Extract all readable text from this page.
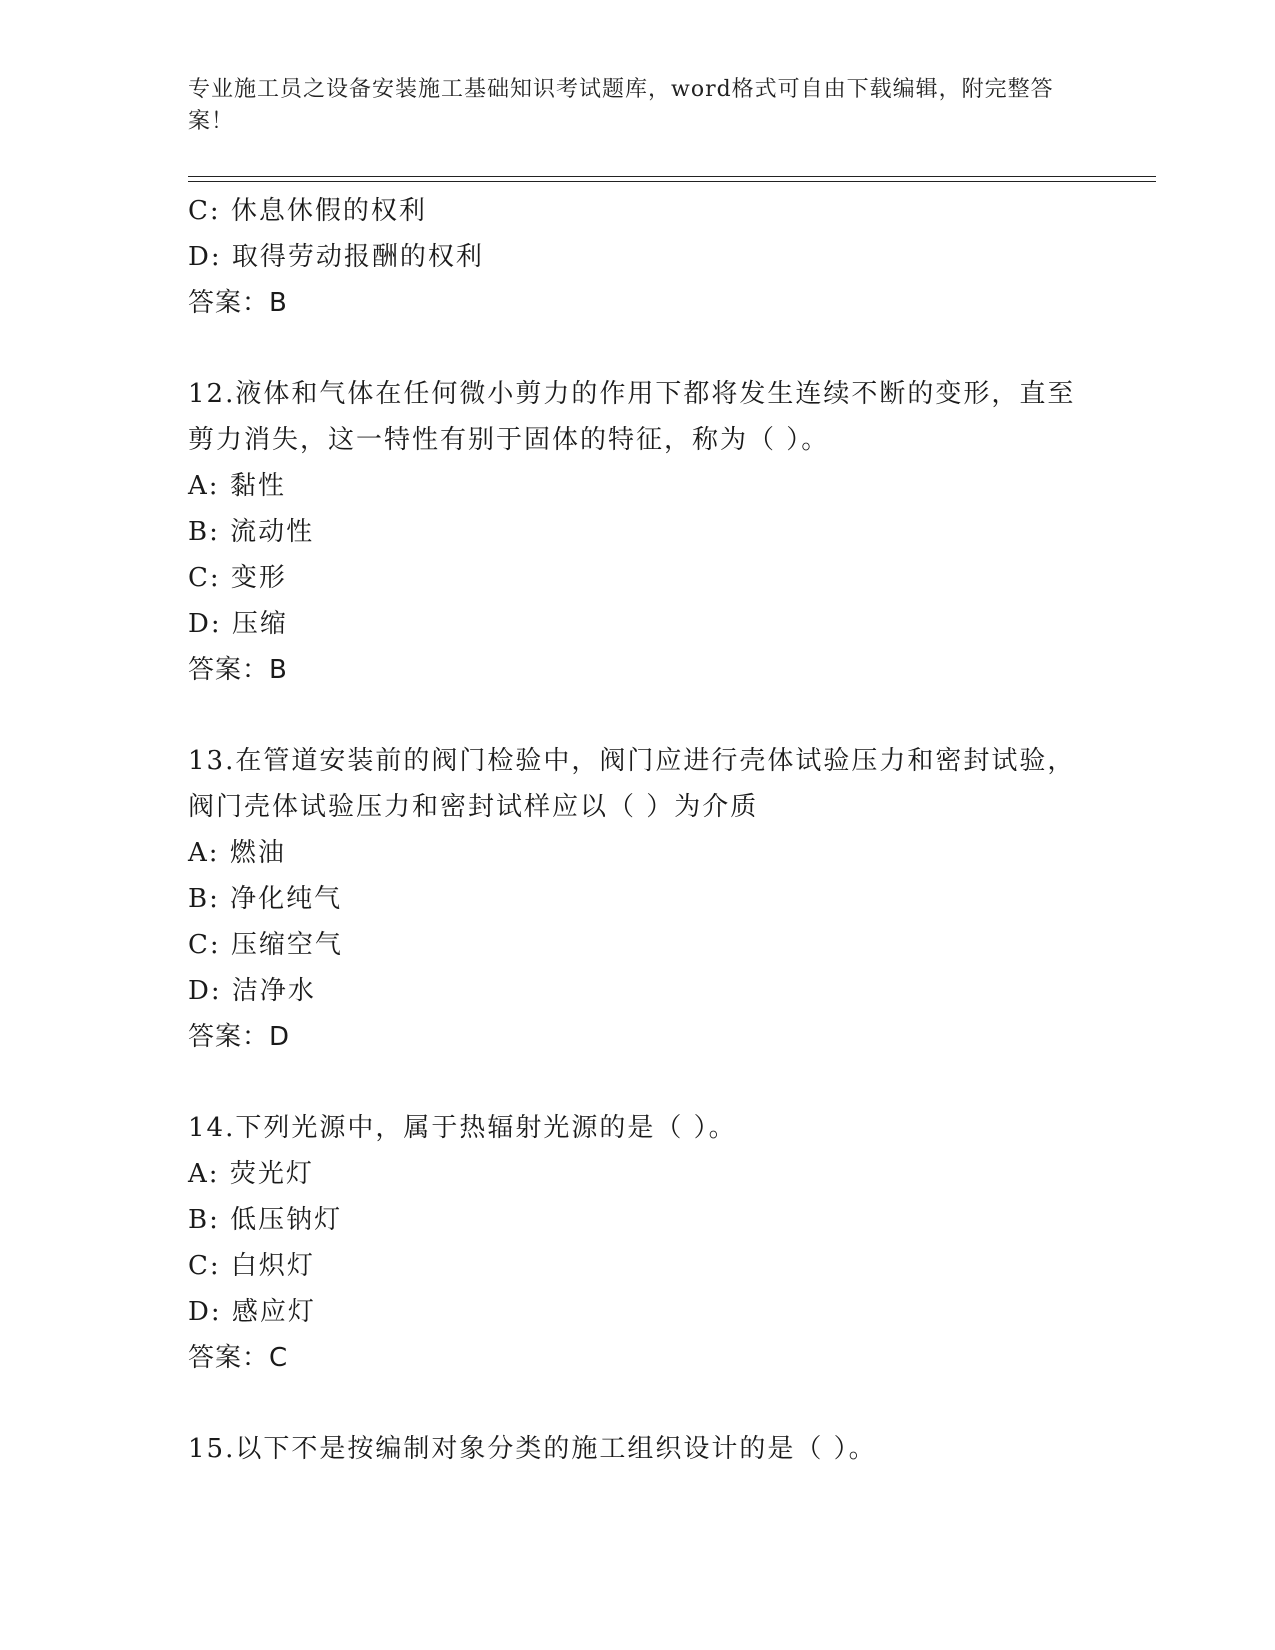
专业施工员之设备安装施工基础知识考试题库，word格式可自由下载编辑，附完整答案！
C: 休息休假的权利
D: 取得劳动报酬的权利
答案：B
12.液体和气体在任何微小剪力的作用下都将发生连续不断的变形，直至剪力消失，这一特性有别于固体的特征，称为（ ）。
A: 黏性
B: 流动性
C: 变形
D: 压缩
答案：B
13.在管道安装前的阀门检验中，阀门应进行壳体试验压力和密封试验，阀门壳体试验压力和密封试样应以（ ）为介质
A: 燃油
B: 净化纯气
C: 压缩空气
D: 洁净水
答案：D
14.下列光源中，属于热辐射光源的是（ ）。
A: 荧光灯
B: 低压钠灯
C: 白炽灯
D: 感应灯
答案：C
15.以下不是按编制对象分类的施工组织设计的是（ ）。
